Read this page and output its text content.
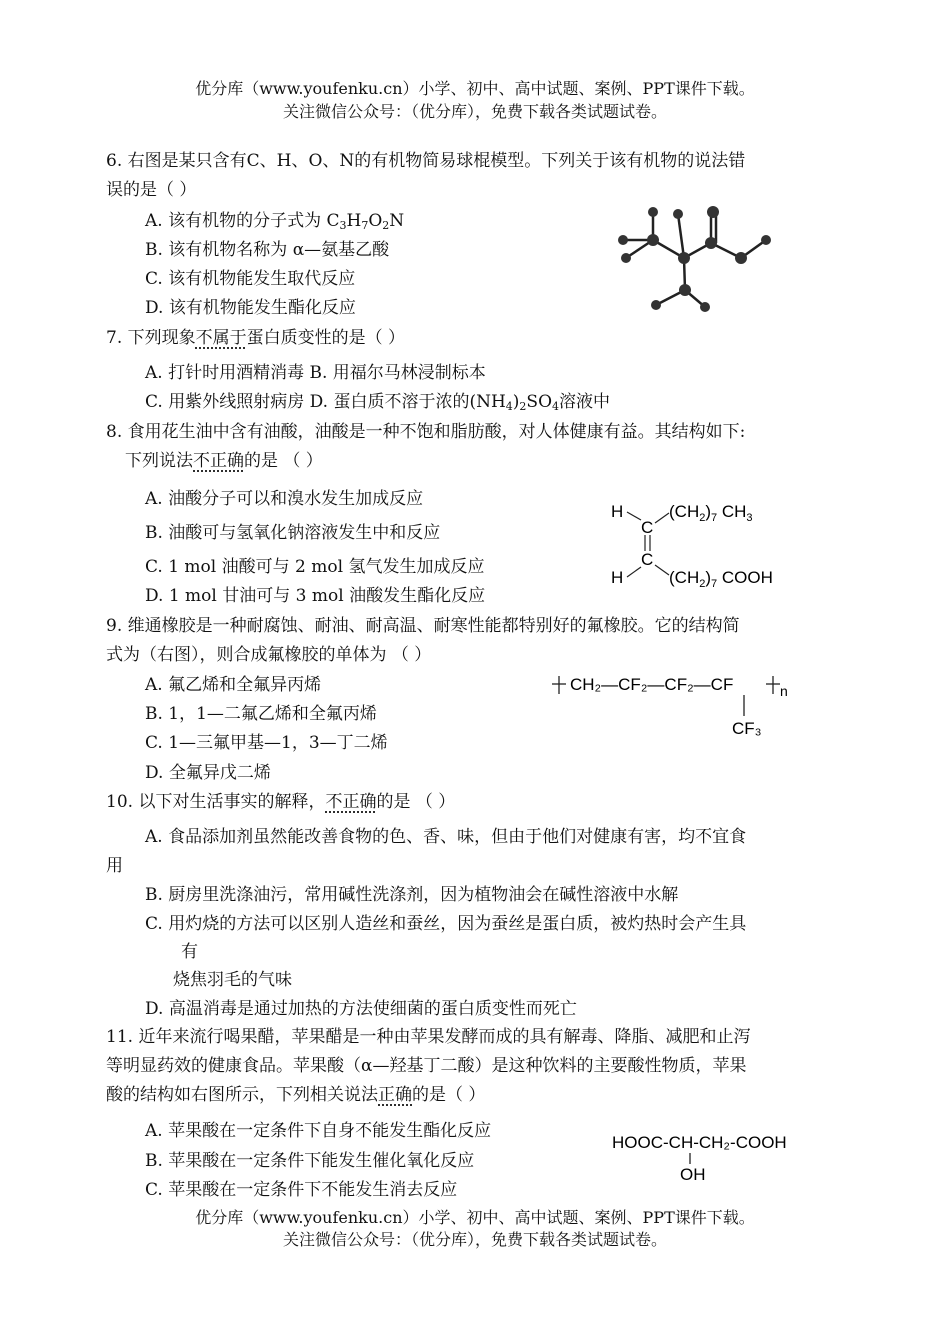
优分库（www.youfenku.cn）小学、初中、高中试题、案例、PPT课件下载。
关注微信公众号：（优分库），免费下载各类试题试卷。
6. 右图是某只含有C、H、O、N的有机物简易球棍模型。下列关于该有机物的说法错
误的是（ ）
A. 该有机物的分子式为 $C_3H_7O_2N$
B. 该有机物名称为 α—氨基乙酸
C. 该有机物能发生取代反应
D. 该有机物能发生酯化反应
7. 下列现象不属于蛋白质变性的是（ ）
A. 打针时用酒精消毒 B. 用福尔马林浸制标本
C. 用紫外线照射病房 D. 蛋白质不溶于浓的$(NH_4)_2SO_4$溶液中
8. 食用花生油中含有油酸，油酸是一种不饱和脂肪酸，对人体健康有益。其结构如下:
下列说法不正确的是 （ ）
A. 油酸分子可以和溴水发生加成反应
B. 油酸可与氢氧化钠溶液发生中和反应
C. 1 mol 油酸可与 2 mol 氢气发生加成反应
D. 1 mol 甘油可与 3 mol 油酸发生酯化反应
H
C
$(CH_2)_7$ $CH_3$
C
H	$(CH_2)_7$ COOH
9. 维通橡胶是一种耐腐蚀、耐油、耐高温、耐寒性能都特别好的氟橡胶。它的结构简
式为（右图），则合成氟橡胶的单体为 （ ）
A. 氟乙烯和全氟异丙烯
B. 1，1—二氟乙烯和全氟丙烯
C. 1—三氟甲基—1，3—丁二烯
D. 全氟异戊二烯
CH₂—CF₂—CF₂—CF	n
CF₃
10. 以下对生活事实的解释，不正确的是 （ ）
A. 食品添加剂虽然能改善食物的色、香、味，但由于他们对健康有害，均不宜食
用
B. 厨房里洗涤油污，常用碱性洗涤剂，因为植物油会在碱性溶液中水解
C. 用灼烧的方法可以区别人造丝和蚕丝，因为蚕丝是蛋白质，被灼热时会产生具
有
烧焦羽毛的气味
D. 高温消毒是通过加热的方法使细菌的蛋白质变性而死亡
11. 近年来流行喝果醋，苹果醋是一种由苹果发酵而成的具有解毒、降脂、减肥和止泻
等明显药效的健康食品。苹果酸（α—羟基丁二酸）是这种饮料的主要酸性物质，苹果
酸的结构如右图所示，下列相关说法正确的是（ ）
A. 苹果酸在一定条件下自身不能发生酯化反应
B. 苹果酸在一定条件下能发生催化氧化反应
C. 苹果酸在一定条件下不能发生消去反应
HOOC-CH-CH₂-COOH
OH
优分库（www.youfenku.cn）小学、初中、高中试题、案例、PPT课件下载。
关注微信公众号：（优分库），免费下载各类试题试卷。
